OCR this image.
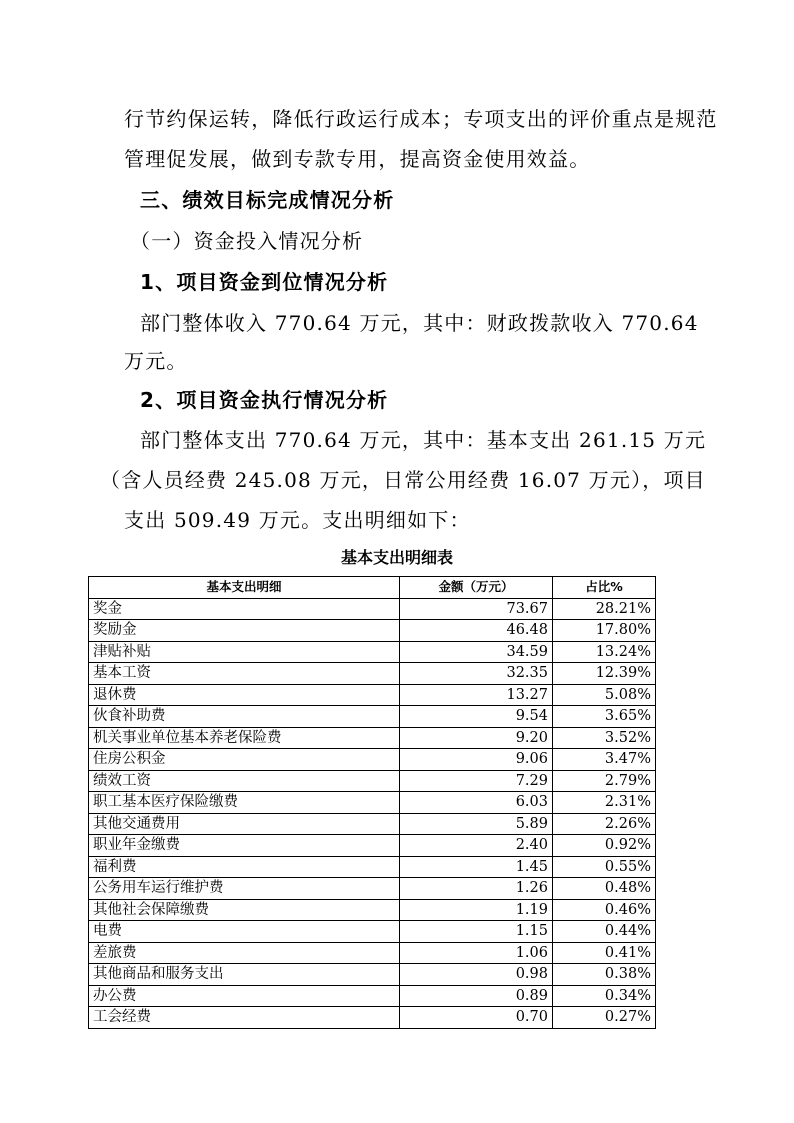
行节约保运转，降低行政运行成本；专项支出的评价重点是规范
管理促发展，做到专款专用，提高资金使用效益。
三、绩效目标完成情况分析
（一）资金投入情况分析
1、项目资金到位情况分析
部门整体收入 770.64 万元，其中：财政拨款收入 770.64
万元。
2、项目资金执行情况分析
部门整体支出 770.64 万元，其中：基本支出 261.15 万元
（含人员经费 245.08 万元，日常公用经费 16.07 万元），项目
支出 509.49 万元。支出明细如下：
基本支出明细表
基本支出明细	金额（万元）	占比%
奖金	73.67	28.21%
奖励金	46.48	17.80%
津贴补贴	34.59	13.24%
基本工资	32.35	12.39%
退休费	13.27	5.08%
伙食补助费	9.54	3.65%
机关事业单位基本养老保险费	9.20	3.52%
住房公积金	9.06	3.47%
绩效工资	7.29	2.79%
职工基本医疗保险缴费	6.03	2.31%
其他交通费用	5.89	2.26%
职业年金缴费	2.40	0.92%
福利费	1.45	0.55%
公务用车运行维护费	1.26	0.48%
其他社会保障缴费	1.19	0.46%
电费	1.15	0.44%
差旅费	1.06	0.41%
其他商品和服务支出	0.98	0.38%
办公费	0.89	0.34%
工会经费	0.70	0.27%
